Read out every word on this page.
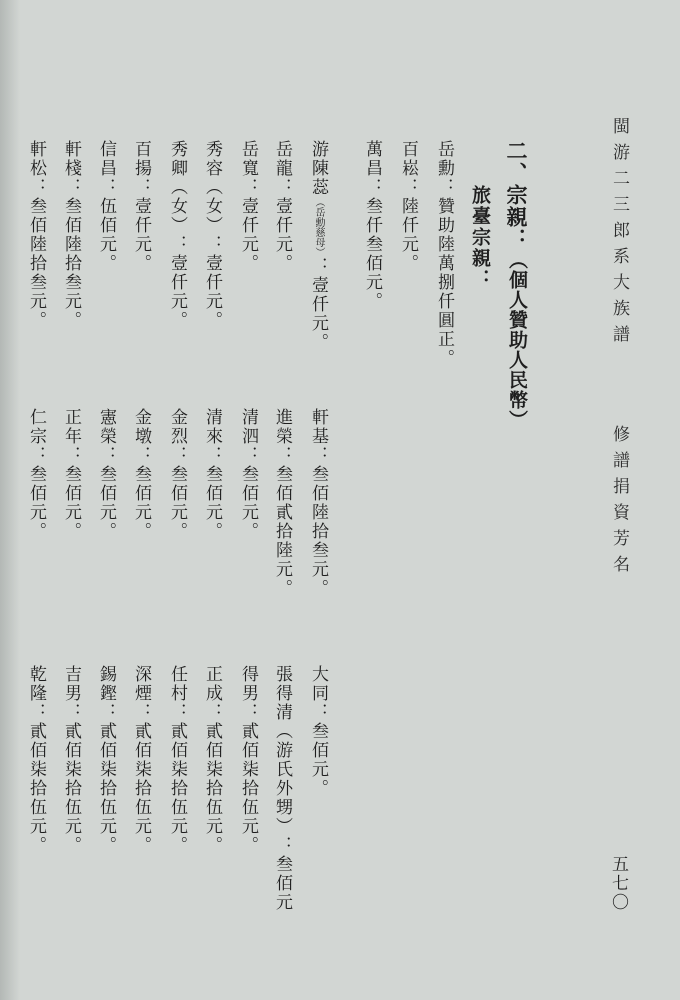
閩游二三郎系大族譜
修譜捐資芳名
二、宗親：（個人贊助人民幣）
旅臺宗親：
岳勳：贊助陸萬捌仟圓正。
百崧：陸仟元。
萬昌：叁仟叁佰元。
游陳蕊（岳勳慈母）：壹仟元。
岳龍：壹仟元。
岳寬：壹仟元。
秀容（女）：壹仟元。
秀卿（女）：壹仟元。
百揚：壹仟元。
信昌：伍佰元。
軒棧：叁佰陸拾叁元。
軒松：叁佰陸拾叁元。
軒基：叁佰陸拾叁元。
進榮：叁佰貳拾陸元。
清泗：叁佰元。
清來：叁佰元。
金烈：叁佰元。
金墩：叁佰元。
憲榮：叁佰元。
正年：叁佰元。
仁宗：叁佰元。
大同：叁佰元。
張得清（游氏外甥）：叁佰元
得男：貳佰柒拾伍元。
正成：貳佰柒拾伍元。
任村：貳佰柒拾伍元。
深煙：貳佰柒拾伍元。
錫鏗：貳佰柒拾伍元。
吉男：貳佰柒拾伍元。
乾隆：貳佰柒拾伍元。
五七〇
